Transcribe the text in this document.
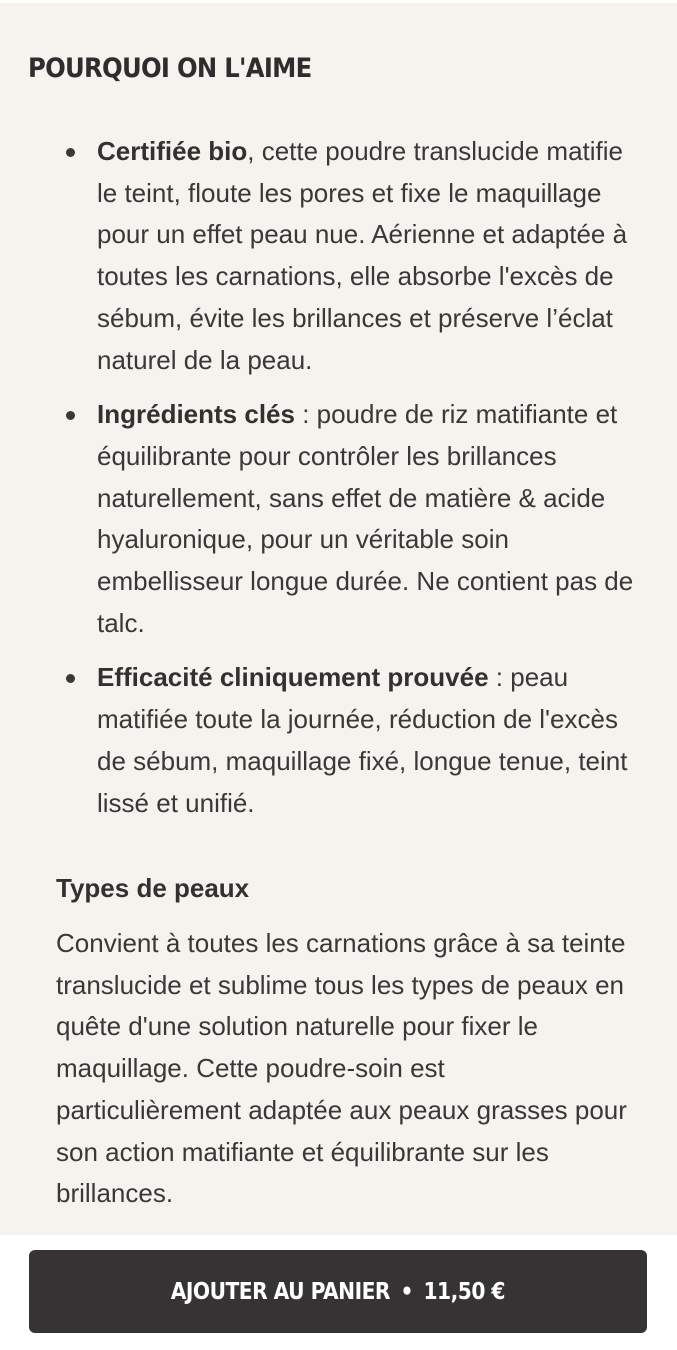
POURQUOI ON L'AIME
Certifiée bio, cette poudre translucide matifie le teint, floute les pores et fixe le maquillage pour un effet peau nue. Aérienne et adaptée à toutes les carnations, elle absorbe l'excès de sébum, évite les brillances et préserve l’éclat naturel de la peau.
Ingrédients clés : poudre de riz matifiante et équilibrante pour contrôler les brillances naturellement, sans effet de matière & acide hyaluronique, pour un véritable soin embellisseur longue durée. Ne contient pas de talc.
Efficacité cliniquement prouvée : peau matifiée toute la journée, réduction de l'excès de sébum, maquillage fixé, longue tenue, teint lissé et unifié.
Types de peaux

Convient à toutes les carnations grâce à sa teinte translucide et sublime tous les types de peaux en quête d'une solution naturelle pour fixer le maquillage. Cette poudre-soin est particulièrement adaptée aux peaux grasses pour son action matifiante et équilibrante sur les brillances.

AJOUTER AU PANIER • 11,50 €
